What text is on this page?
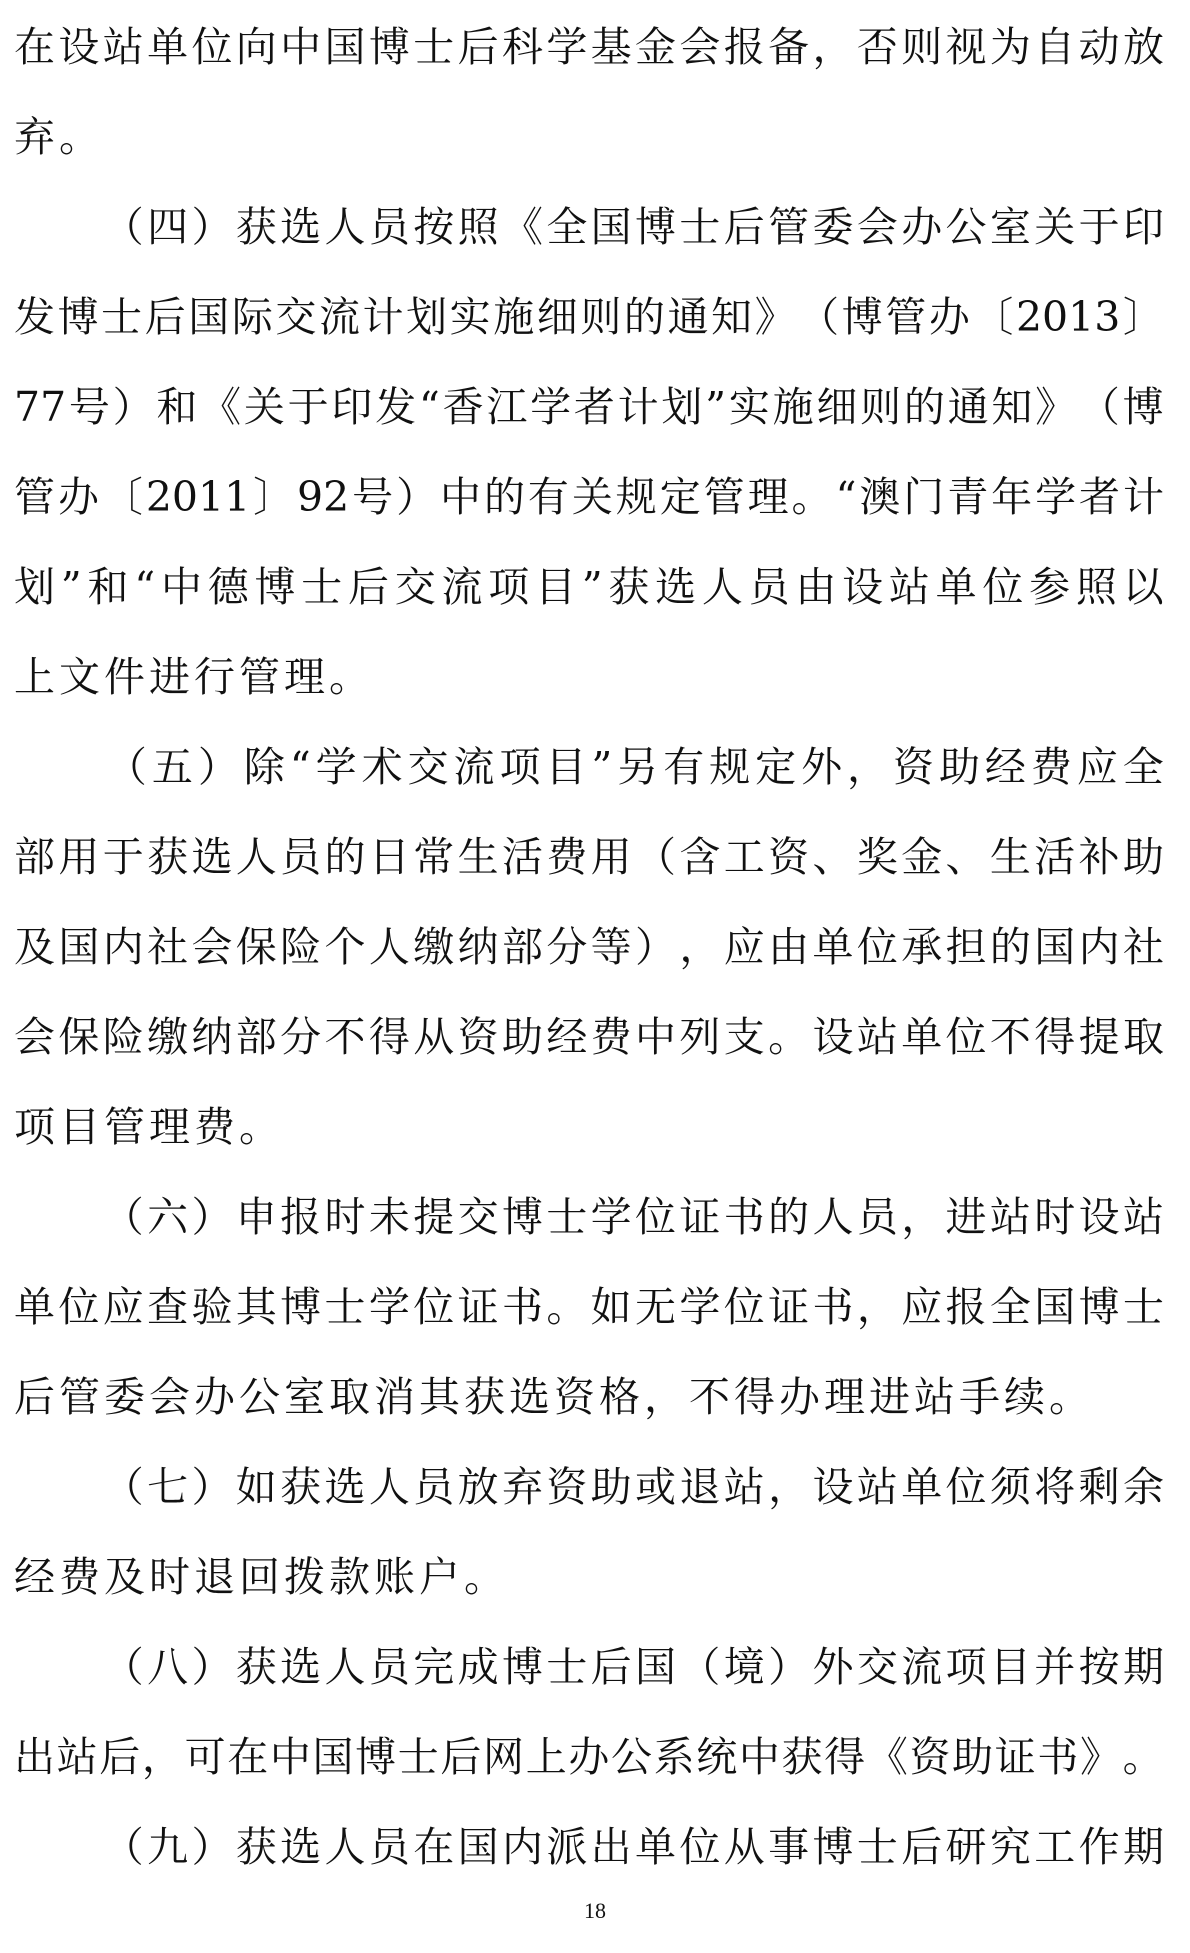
在 设 站 单 位 向 中 国 博 士 后 科 学 基 金 会 报 备 ， 否 则 视 为 自 动 放
弃 。

（ 四 ） 获 选 人 员 按 照 《 全 国 博 士 后 管 委 会 办 公 室 关 于 印
发 博 士 后 国 际 交 流 计 划 实 施 细 则 的 通 知 》 （ 博 管 办 〔 2013 〕
77 号 ） 和 《 关 于 印 发 “ 香 江 学 者 计 划 ” 实 施 细 则 的 通 知 》 （ 博
管 办 〔 2011 〕 92 号 ） 中 的 有 关 规 定 管 理 。 “ 澳 门 青 年 学 者 计
划 ” 和 “ 中 德 博 士 后 交 流 项 目 ” 获 选 人 员 由 设 站 单 位 参 照 以
上 文 件 进 行 管 理 。

（ 五 ） 除 “ 学 术 交 流 项 目 ” 另 有 规 定 外 ， 资 助 经 费 应 全
部 用 于 获 选 人 员 的 日 常 生 活 费 用 （ 含 工 资 、 奖 金 、 生 活 补 助
及 国 内 社 会 保 险 个 人 缴 纳 部 分 等 ） ， 应 由 单 位 承 担 的 国 内 社
会 保 险 缴 纳 部 分 不 得 从 资 助 经 费 中 列 支 。 设 站 单 位 不 得 提 取
项 目 管 理 费 。

（ 六 ） 申 报 时 未 提 交 博 士 学 位 证 书 的 人 员 ， 进 站 时 设 站
单 位 应 查 验 其 博 士 学 位 证 书 。 如 无 学 位 证 书 ， 应 报 全 国 博 士
后 管 委 会 办 公 室 取 消 其 获 选 资 格 ， 不 得 办 理 进 站 手 续 。

（ 七 ） 如 获 选 人 员 放 弃 资 助 或 退 站 ， 设 站 单 位 须 将 剩 余
经 费 及 时 退 回 拨 款 账 户 。

（ 八 ） 获 选 人 员 完 成 博 士 后 国 （ 境 ） 外 交 流 项 目 并 按 期
出 站 后 ， 可 在 中 国 博 士 后 网 上 办 公 系 统 中 获 得 《 资 助 证 书 》 。

（ 九 ） 获 选 人 员 在 国 内 派 出 单 位 从 事 博 士 后 研 究 工 作 期
18
